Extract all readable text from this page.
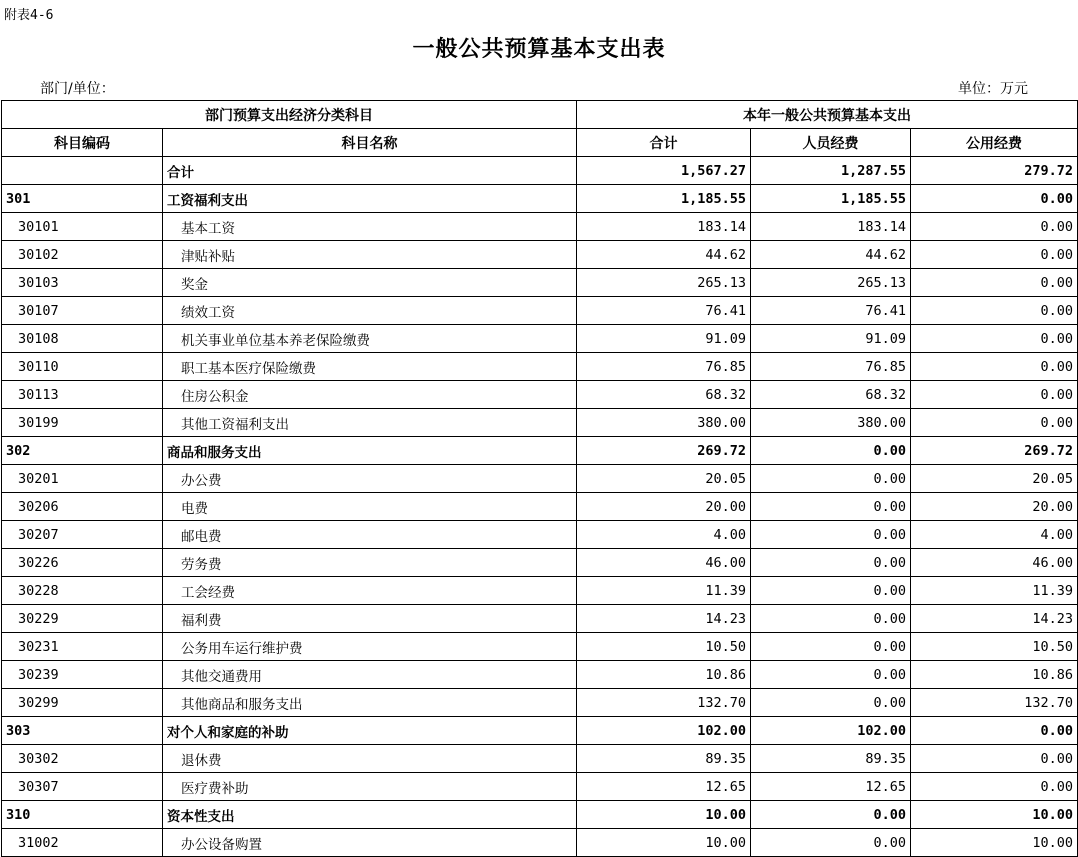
附表4-6
一般公共预算基本支出表
部门/单位：	单位：万元
部门预算支出经济分类科目		本年一般公共预算基本支出		
科目编码	科目名称	合计	人员经费	公用经费
	合计	1,567.27	1,287.55	279.72
301	工资福利支出	1,185.55	1,185.55	0.00
30101	基本工资	183.14	183.14	0.00
30102	津贴补贴	44.62	44.62	0.00
30103	奖金	265.13	265.13	0.00
30107	绩效工资	76.41	76.41	0.00
30108	机关事业单位基本养老保险缴费	91.09	91.09	0.00
30110	职工基本医疗保险缴费	76.85	76.85	0.00
30113	住房公积金	68.32	68.32	0.00
30199	其他工资福利支出	380.00	380.00	0.00
302	商品和服务支出	269.72	0.00	269.72
30201	办公费	20.05	0.00	20.05
30206	电费	20.00	0.00	20.00
30207	邮电费	4.00	0.00	4.00
30226	劳务费	46.00	0.00	46.00
30228	工会经费	11.39	0.00	11.39
30229	福利费	14.23	0.00	14.23
30231	公务用车运行维护费	10.50	0.00	10.50
30239	其他交通费用	10.86	0.00	10.86
30299	其他商品和服务支出	132.70	0.00	132.70
303	对个人和家庭的补助	102.00	102.00	0.00
30302	退休费	89.35	89.35	0.00
30307	医疗费补助	12.65	12.65	0.00
310	资本性支出	10.00	0.00	10.00
31002	办公设备购置	10.00	0.00	10.00
